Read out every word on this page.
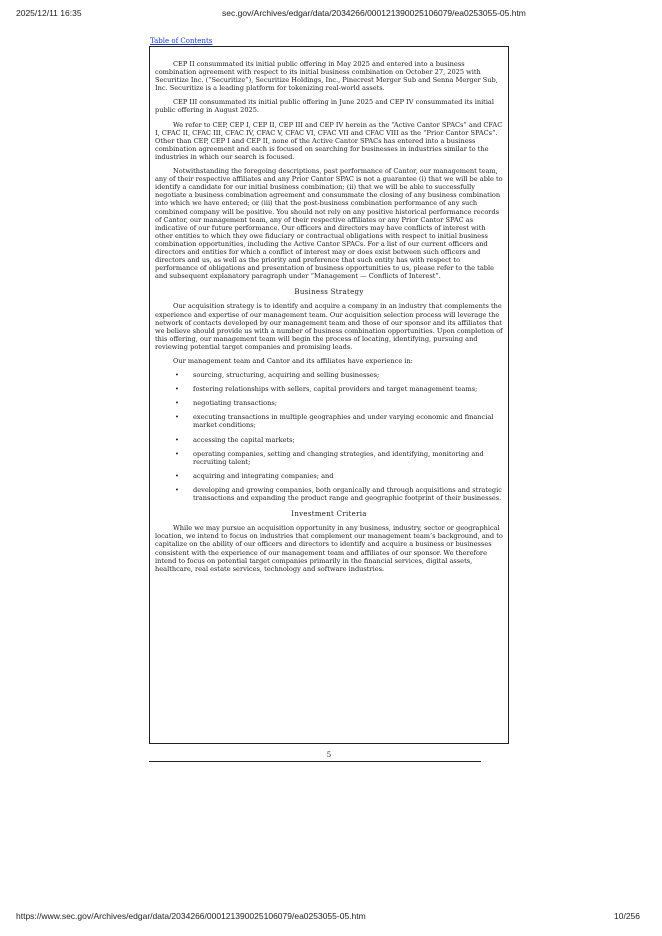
2025/12/11 16:35	sec.gov/Archives/edgar/data/2034266/000121390025106079/ea0253055-05.htm
Table of Contents

CEP II consummated its initial public offering in May 2025 and entered into a business combination agreement with respect to its initial business combination on October 27, 2025 with Securitize Inc. (“Securitize”), Securitize Holdings, Inc., Pinecrest Merger Sub and Senna Merger Sub, Inc. Securitize is a leading platform for tokenizing real-world assets.

CEP III consummated its initial public offering in June 2025 and CEP IV consummated its initial public offering in August 2025.

We refer to CEP, CEP I, CEP II, CEP III and CEP IV herein as the “Active Cantor SPACs” and CFAC I, CFAC II, CFAC III, CFAC IV, CFAC V, CFAC VI, CFAC VII and CFAC VIII as the “Prior Cantor SPACs”. Other than CEP, CEP I and CEP II, none of the Active Cantor SPACs has entered into a business combination agreement and each is focused on searching for businesses in industries similar to the industries in which our search is focused.

Notwithstanding the foregoing descriptions, past performance of Cantor, our management team, any of their respective affiliates and any Prior Cantor SPAC is not a guarantee (i) that we will be able to identify a candidate for our initial business combination; (ii) that we will be able to successfully negotiate a business combination agreement and consummate the closing of any business combination into which we have entered; or (iii) that the post-business combination performance of any such combined company will be positive. You should not rely on any positive historical performance records of Cantor, our management team, any of their respective affiliates or any Prior Cantor SPAC as indicative of our future performance. Our officers and directors may have conflicts of interest with other entities to which they owe fiduciary or contractual obligations with respect to initial business combination opportunities, including the Active Cantor SPACs. For a list of our current officers and directors and entities for which a conflict of interest may or does exist between such officers and directors and us, as well as the priority and preference that such entity has with respect to performance of obligations and presentation of business opportunities to us, please refer to the table and subsequent explanatory paragraph under “Management — Conflicts of Interest”.

Business Strategy

Our acquisition strategy is to identify and acquire a company in an industry that complements the experience and expertise of our management team. Our acquisition selection process will leverage the network of contacts developed by our management team and those of our sponsor and its affiliates that we believe should provide us with a number of business combination opportunities. Upon completion of this offering, our management team will begin the process of locating, identifying, pursuing and reviewing potential target companies and promising leads.

Our management team and Cantor and its affiliates have experience in:

• sourcing, structuring, acquiring and selling businesses;
• fostering relationships with sellers, capital providers and target management teams;
• negotiating transactions;
• executing transactions in multiple geographies and under varying economic and financial market conditions;
• accessing the capital markets;
• operating companies, setting and changing strategies, and identifying, monitoring and recruiting talent;
• acquiring and integrating companies; and
• developing and growing companies, both organically and through acquisitions and strategic transactions and expanding the product range and geographic footprint of their businesses.
Investment Criteria

While we may pursue an acquisition opportunity in any business, industry, sector or geographical location, we intend to focus on industries that complement our management team’s background, and to capitalize on the ability of our officers and directors to identify and acquire a business or businesses consistent with the experience of our management team and affiliates of our sponsor. We therefore intend to focus on potential target companies primarily in the financial services, digital assets, healthcare, real estate services, technology and software industries.

5
https://www.sec.gov/Archives/edgar/data/2034266/000121390025106079/ea0253055-05.htm	10/256
